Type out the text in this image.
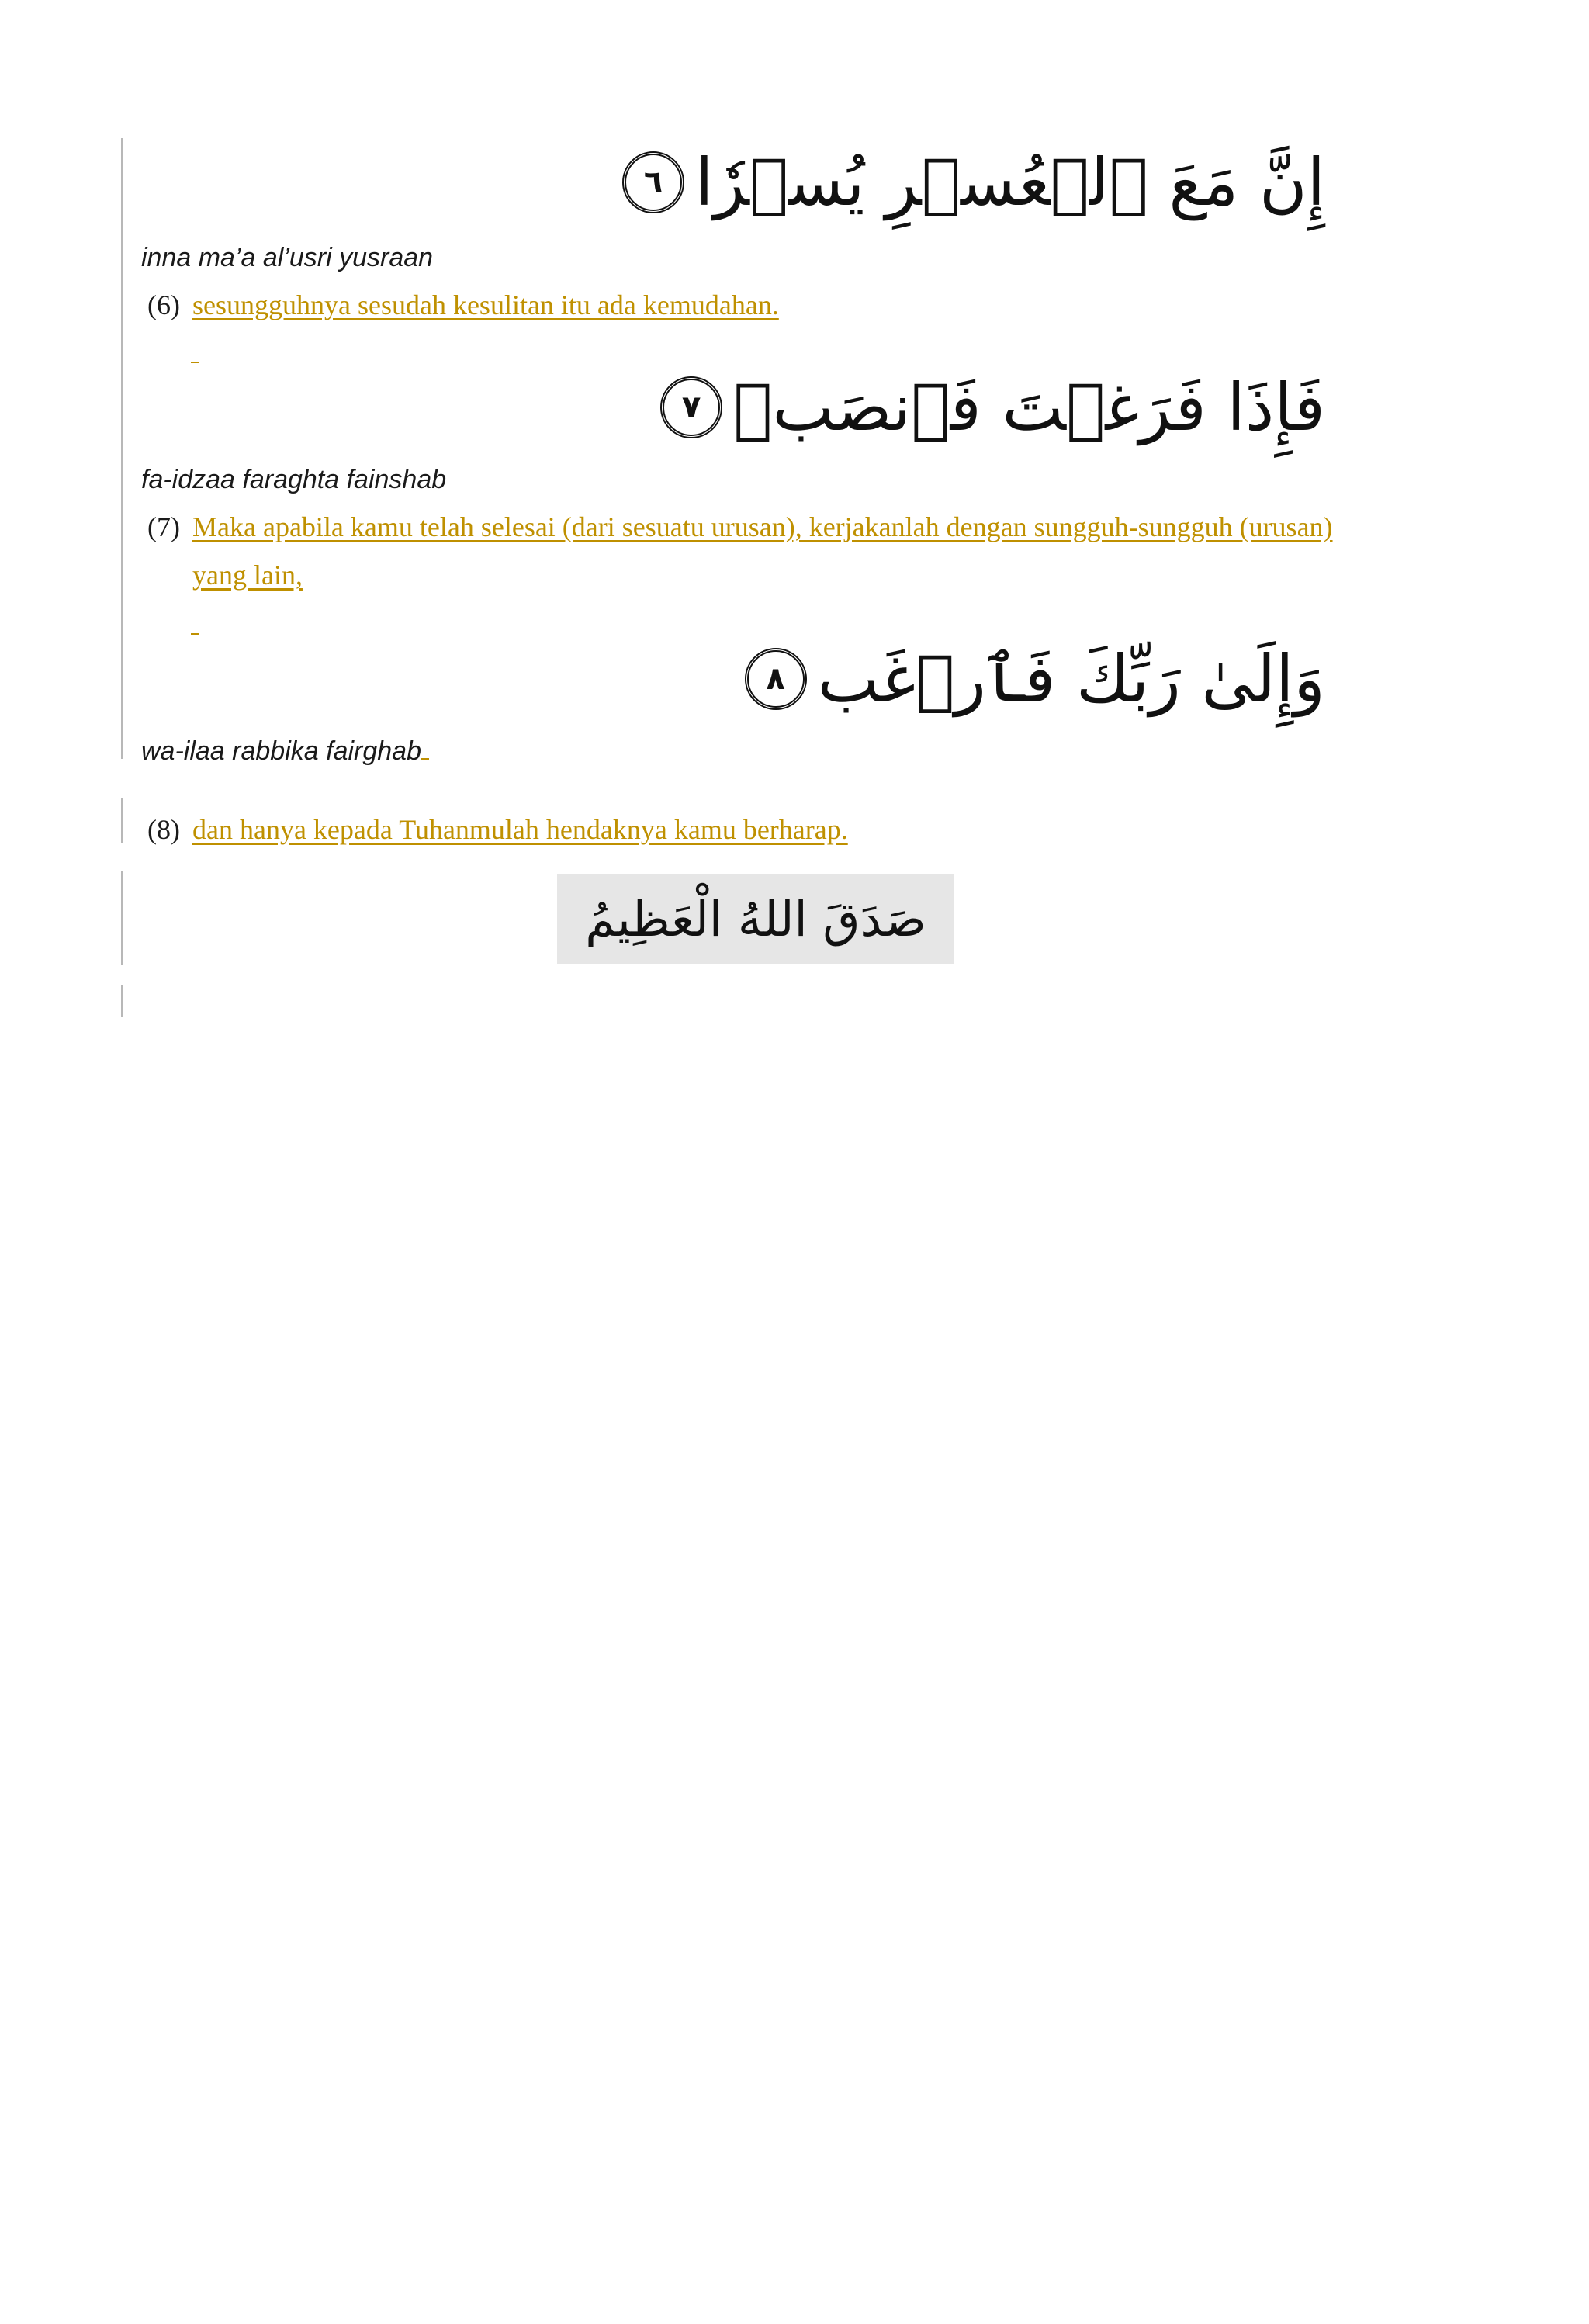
إِنَّ مَعَ ٱلۡعُسۡرِ يُسۡرٗا
٦
inna ma’a al’usri yusraan
(6) sesungguhnya sesudah kesulitan itu ada kemudahan.
فَإِذَا فَرَغۡتَ فَٱنصَبۡ
٧
fa-idzaa faraghta fainshab
(7) Maka apabila kamu telah selesai (dari sesuatu urusan), kerjakanlah dengan sungguh-sungguh (urusan) yang lain,
وَإِلَىٰ رَبِّكَ فَٱرۡغَب
٨
wa-ilaa rabbika fairghab
(8) dan hanya kepada Tuhanmulah hendaknya kamu berharap.
صَدَقَ اللهُ الْعَظِيمُ
